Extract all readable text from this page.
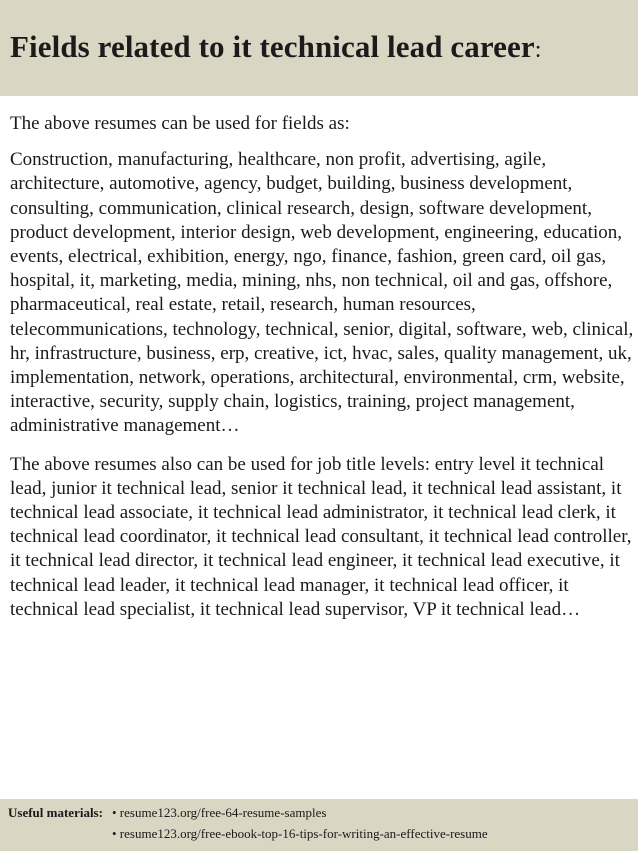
Fields related to it technical lead career:

The above resumes can be used for fields as:

Construction, manufacturing, healthcare, non profit, advertising, agile, architecture, automotive, agency, budget, building, business development, consulting, communication, clinical research, design, software development, product development, interior design, web development, engineering, education, events, electrical, exhibition, energy, ngo, finance, fashion, green card, oil gas, hospital, it, marketing, media, mining, nhs, non technical, oil and gas, offshore, pharmaceutical, real estate, retail, research, human resources, telecommunications, technology, technical, senior, digital, software, web, clinical, hr, infrastructure, business, erp, creative, ict, hvac, sales, quality management, uk, implementation, network, operations, architectural, environmental, crm, website, interactive, security, supply chain, logistics, training, project management, administrative management…

The above resumes also can be used for job title levels: entry level it technical lead, junior it technical lead, senior it technical lead, it technical lead assistant, it technical lead associate, it technical lead administrator, it technical lead clerk, it technical lead coordinator, it technical lead consultant, it technical lead controller, it technical lead director, it technical lead engineer, it technical lead executive, it technical lead leader, it technical lead manager, it technical lead officer, it technical lead specialist, it technical lead supervisor, VP it technical lead…

Useful materials: • resume123.org/free-64-resume-samples
• resume123.org/free-ebook-top-16-tips-for-writing-an-effective-resume
